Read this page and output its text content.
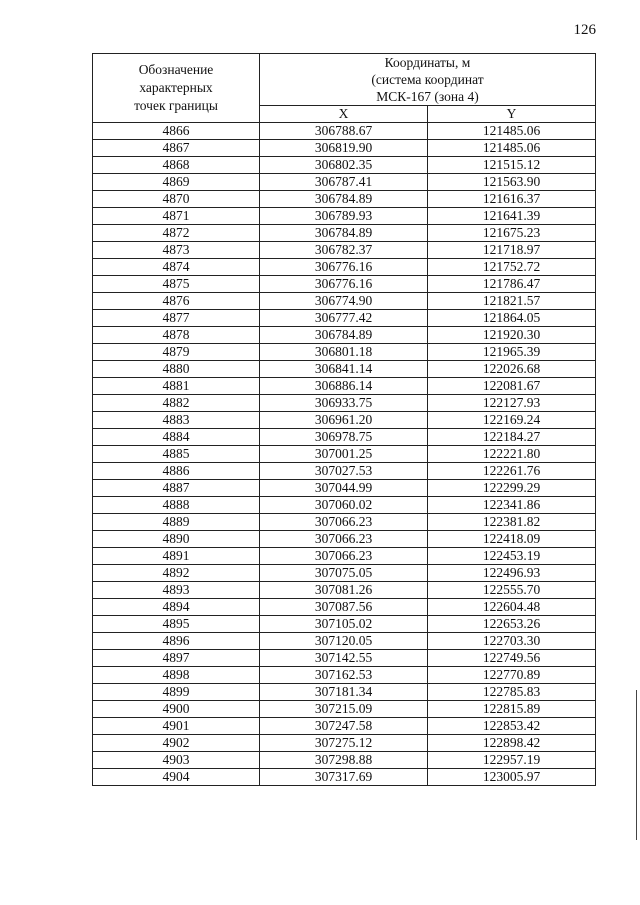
126
Обозначение
характерных
точек границы	Координаты, м
(система координат
МСК-167 (зона 4)	
	X	Y
4866	306788.67	121485.06
4867	306819.90	121485.06
4868	306802.35	121515.12
4869	306787.41	121563.90
4870	306784.89	121616.37
4871	306789.93	121641.39
4872	306784.89	121675.23
4873	306782.37	121718.97
4874	306776.16	121752.72
4875	306776.16	121786.47
4876	306774.90	121821.57
4877	306777.42	121864.05
4878	306784.89	121920.30
4879	306801.18	121965.39
4880	306841.14	122026.68
4881	306886.14	122081.67
4882	306933.75	122127.93
4883	306961.20	122169.24
4884	306978.75	122184.27
4885	307001.25	122221.80
4886	307027.53	122261.76
4887	307044.99	122299.29
4888	307060.02	122341.86
4889	307066.23	122381.82
4890	307066.23	122418.09
4891	307066.23	122453.19
4892	307075.05	122496.93
4893	307081.26	122555.70
4894	307087.56	122604.48
4895	307105.02	122653.26
4896	307120.05	122703.30
4897	307142.55	122749.56
4898	307162.53	122770.89
4899	307181.34	122785.83
4900	307215.09	122815.89
4901	307247.58	122853.42
4902	307275.12	122898.42
4903	307298.88	122957.19
4904	307317.69	123005.97
